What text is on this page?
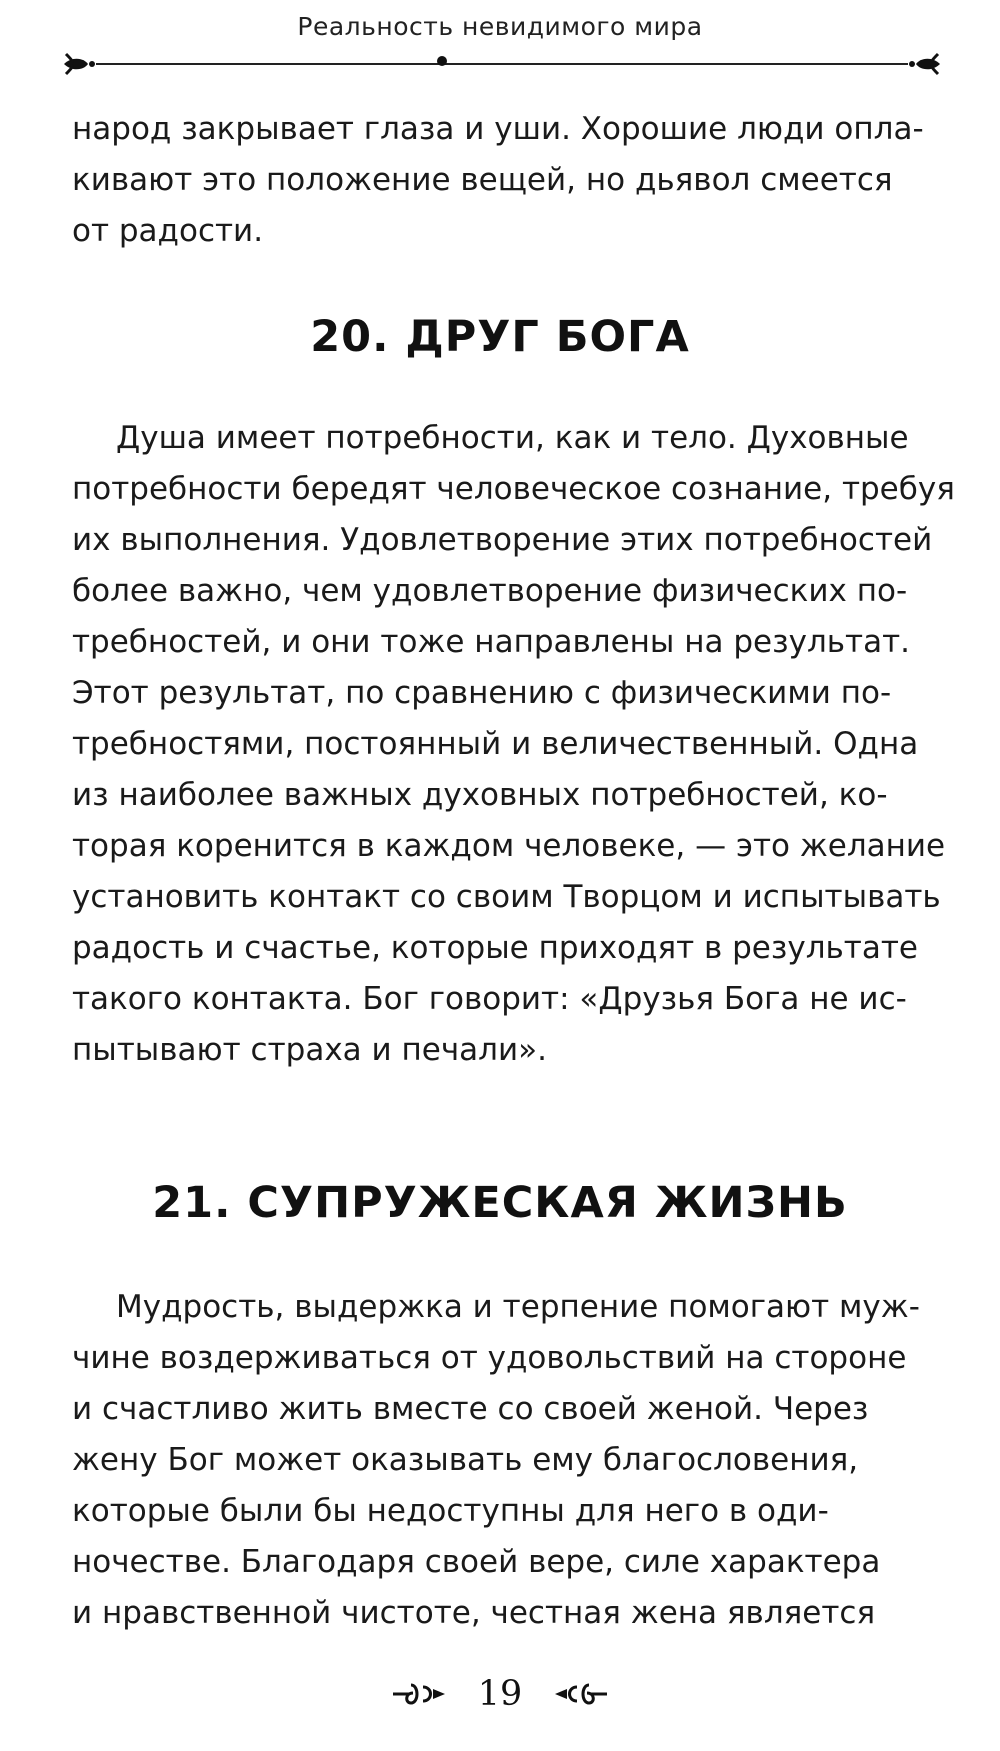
Реальность невидимого мира
народ закрывает глаза и уши. Хорошие люди опла-
кивают это положение вещей, но дьявол смеется
от радости.
20. ДРУГ БОГА
Душа имеет потребности, как и тело. Духовные
потребности бередят человеческое сознание, требуя
их выполнения. Удовлетворение этих потребностей
более важно, чем удовлетворение физических по-
требностей, и они тоже направлены на результат.
Этот результат, по сравнению с физическими по-
требностями, постоянный и величественный. Одна
из наиболее важных духовных потребностей, ко-
торая коренится в каждом человеке, — это желание
установить контакт со своим Творцом и испытывать
радость и счастье, которые приходят в результате
такого контакта. Бог говорит: «Друзья Бога не ис-
пытывают страха и печали».
21. СУПРУЖЕСКАЯ ЖИЗНЬ
Мудрость, выдержка и терпение помогают муж-
чине воздерживаться от удовольствий на стороне
и счастливо жить вместе со своей женой. Через
жену Бог может оказывать ему благословения,
которые были бы недоступны для него в оди-
ночестве. Благодаря своей вере, силе характера
и нравственной чистоте, честная жена является
19
